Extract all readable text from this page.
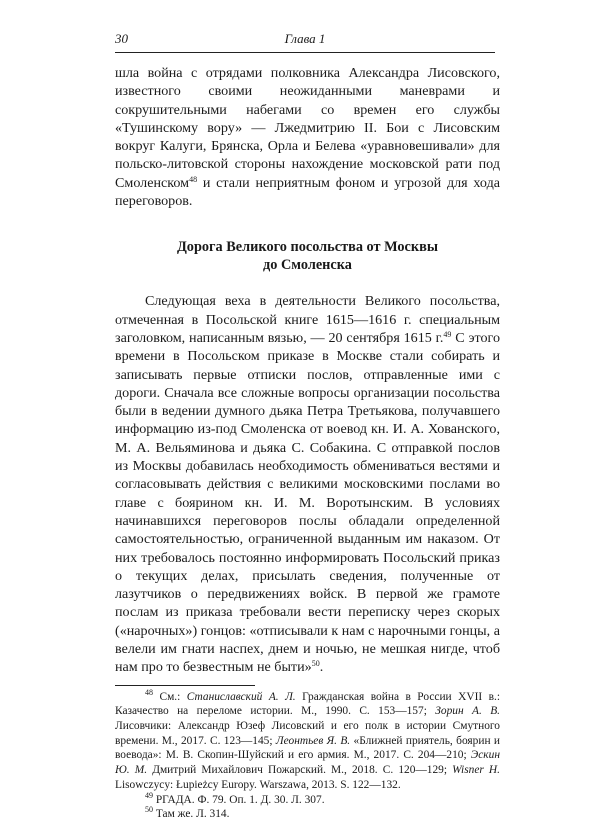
30	Глава 1

шла война с отрядами полковника Александра Лисовского, известного своими неожиданными маневрами и сокрушительными набегами со времен его службы «Тушинскому вору» — Лжедмитрию II. Бои с Лисовским вокруг Калуги, Брянска, Орла и Белева «уравновешивали» для польско-литовской стороны нахождение московской рати под Смоленском$^{48}$ и стали неприятным фоном и угрозой для хода переговоров.

Дорога Великого посольства от Москвы
до Смоленска

Следующая веха в деятельности Великого посольства, отмеченная в Посольской книге 1615—1616 г. специальным заголовком, написанным вязью, — 20 сентября 1615 г.$^{49}$ С этого времени в Посольском приказе в Москве стали собирать и записывать первые отписки послов, отправленные ими с дороги. Сначала все сложные вопросы организации посольства были в ведении думного дьяка Петра Третьякова, получавшего информацию из-под Смоленска от воевод кн. И. А. Хованского, М. А. Вельяминова и дьяка С. Собакина. С отправкой послов из Москвы добавилась необходимость обмениваться вестями и согласовывать действия с великими московскими послами во главе с боярином кн. И. М. Воротынским. В условиях начинавшихся переговоров послы обладали определенной самостоятельностью, ограниченной выданным им наказом. От них требовалось постоянно информировать Посольский приказ о текущих делах, присылать сведения, полученные от лазутчиков о передвижениях войск. В первой же грамоте послам из приказа требовали вести переписку через скорых («нарочных») гонцов: «отписывали к нам с нарочными гонцы, а велели им гнати наспех, днем и ночью, не мешкая нигде, чтоб нам про то безвестным не быти»$^{50}$.

$^{48}$ См.: Станиславский А. Л. Гражданская война в России XVII в.: Казачество на переломе истории. М., 1990. С. 153—157; Зорин А. В. Лисовчики: Александр Юзеф Лисовский и его полк в истории Смутного времени. М., 2017. С. 123—145; Леонтьев Я. В. «Ближней приятель, боярин и воевода»: М. В. Скопин-Шуйский и его армия. М., 2017. С. 204—210; Эскин Ю. М. Дмитрий Михайлович Пожарский. М., 2018. С. 120—129; Wisner H. Lisowczycy: Łupieżcy Europy. Warszawa, 2013. S. 122—132.

$^{49}$ РГАДА. Ф. 79. Оп. 1. Д. 30. Л. 307.

$^{50}$ Там же. Л. 314.
